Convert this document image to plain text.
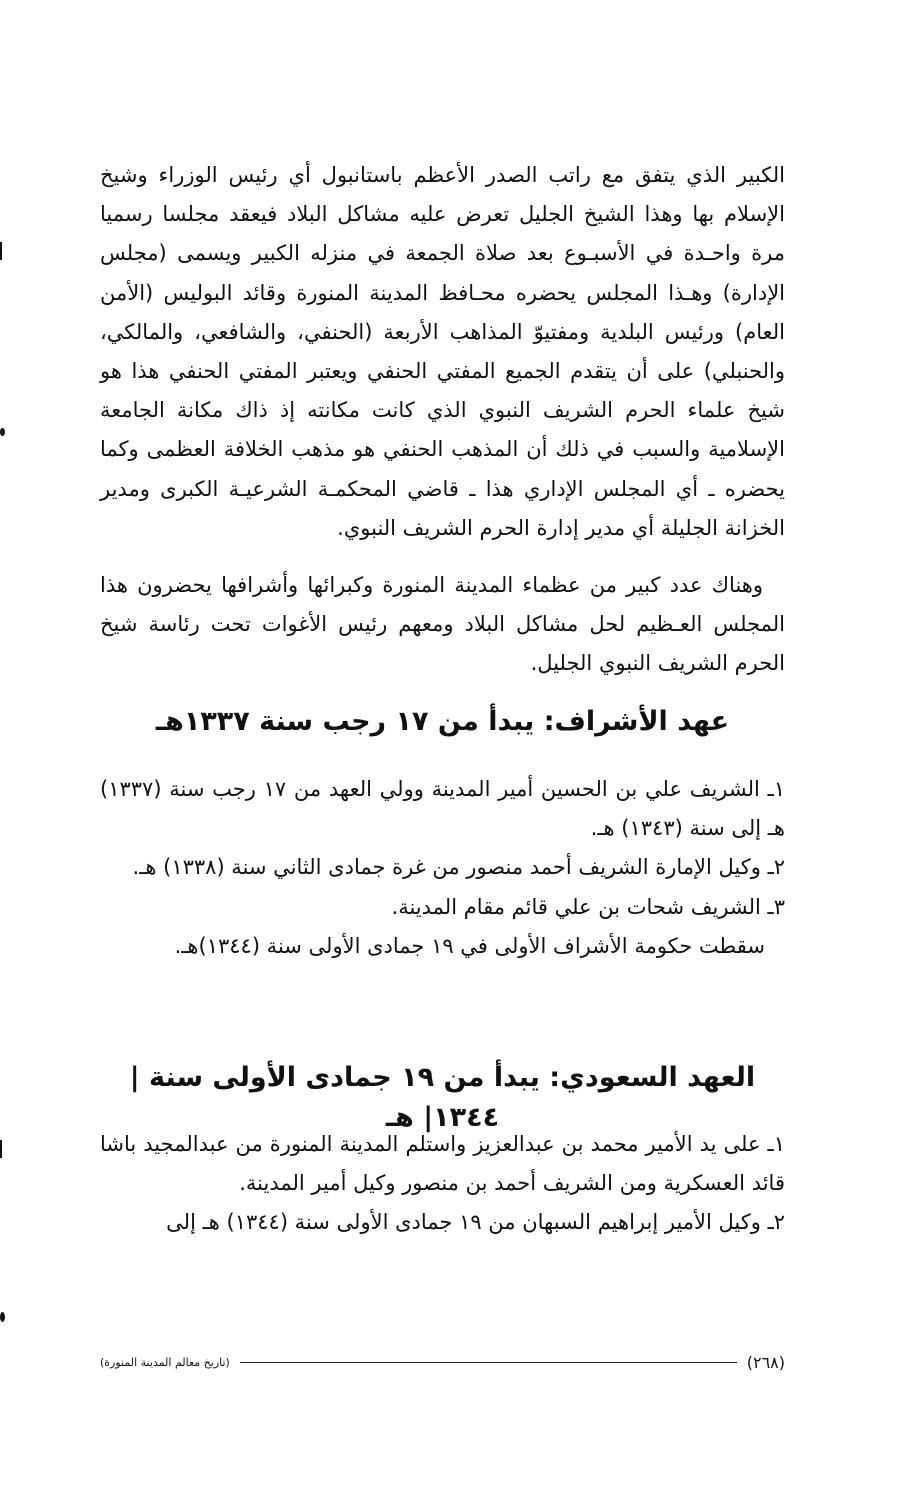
الكبير الذي يتفق مع راتب الصدر الأعظم باستانبول أي رئيس الوزراء وشيخ الإسلام بها وهذا الشيخ الجليل تعرض عليه مشاكل البلاد فيعقد مجلسا رسميا مرة واحـدة في الأسبـوع بعد صلاة الجمعة في منزله الكبير ويسمى (مجلس الإدارة) وهـذا المجلس يحضره محـافظ المدينة المنورة وقائد البوليس (الأمن العام) ورئيس البلدية ومفتيوّ المذاهب الأربعة (الحنفي، والشافعي، والمالكي، والحنبلي) على أن يتقدم الجميع المفتي الحنفي ويعتبر المفتي الحنفي هذا هو شيخ علماء الحرم الشريف النبوي الذي كانت مكانته إذ ذاك مكانة الجامعة الإسلامية والسبب في ذلك أن المذهب الحنفي هو مذهب الخلافة العظمى وكما يحضره ـ أي المجلس الإداري هذا ـ قاضي المحكمـة الشرعيـة الكبرى ومدير الخزانة الجليلة أي مدير إدارة الحرم الشريف النبوي.

وهناك عدد كبير من عظماء المدينة المنورة وكبرائها وأشرافها يحضرون هذا المجلس العـظيم لحل مشاكل البلاد ومعهم رئيس الأغوات تحت رئاسة شيخ الحرم الشريف النبوي الجليل.

عهد الأشراف: يبدأ من ١٧ رجب سنة ١٣٣٧هـ

١ـ الشريف علي بن الحسين أمير المدينة وولي العهد من ١٧ رجب سنة (١٣٣٧) هـ إلى سنة (١٣٤٣) هـ.

٢ـ وكيل الإمارة الشريف أحمد منصور من غرة جمادى الثاني سنة (١٣٣٨) هـ.

٣ـ الشريف شحات بن علي قائم مقام المدينة.

سقطت حكومة الأشراف الأولى في ١٩ جمادى الأولى سنة (١٣٤٤)هـ.

العهد السعودي: يبدأ من ١٩ جمادى الأولى سنة |١٣٤٤| هـ

١ـ على يد الأمير محمد بن عبدالعزيز واستلم المدينة المنورة من عبدالمجيد باشا قائد العسكرية ومن الشريف أحمد بن منصور وكيل أمير المدينة.

٢ـ وكيل الأمير إبراهيم السبهان من ١٩ جمادى الأولى سنة (١٣٤٤) هـ إلى

(٢٦٨)
(تاريخ معالم المدينة المنورة)
